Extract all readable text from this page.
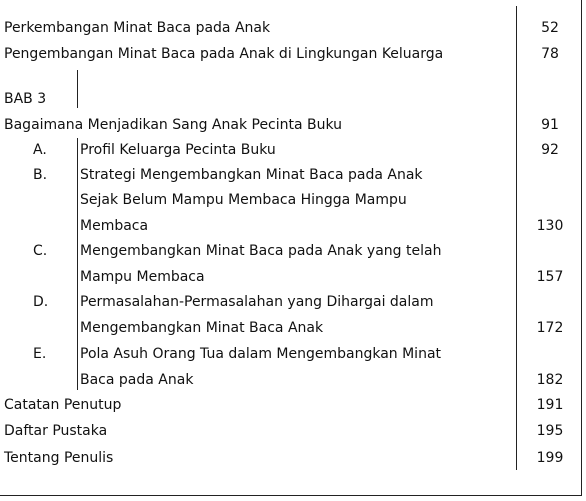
Perkembangan Minat Baca pada Anak	52
Pengembangan Minat Baca pada Anak di Lingkungan Keluarga	78
BAB 3
Bagaimana Menjadikan Sang Anak Pecinta Buku	91
A. Profil Keluarga Pecinta Buku	92
B. Strategi Mengembangkan Minat Baca pada Anak
Sejak Belum Mampu Membaca Hingga Mampu
Membaca	130
C. Mengembangkan Minat Baca pada Anak yang telah
Mampu Membaca	157
D. Permasalahan-Permasalahan yang Dihargai dalam
Mengembangkan Minat Baca Anak	172
E. Pola Asuh Orang Tua dalam Mengembangkan Minat
Baca pada Anak	182
Catatan Penutup	191
Daftar Pustaka	195
Tentang Penulis	199
